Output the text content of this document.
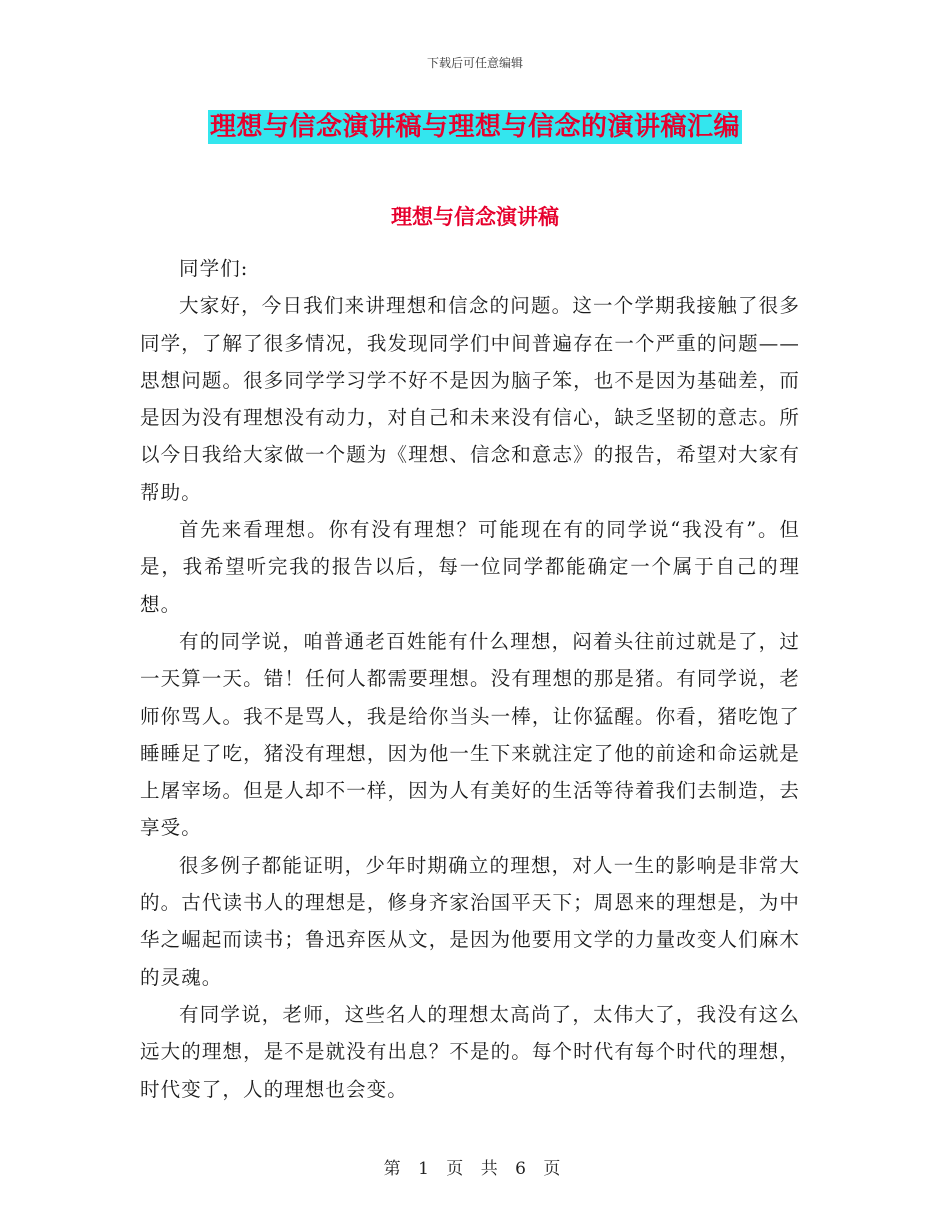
下载后可任意编辑
理想与信念演讲稿与理想与信念的演讲稿汇编
理想与信念演讲稿

同学们:

大家好，今日我们来讲理想和信念的问题。这一个学期我接触了很多同学，了解了很多情况，我发现同学们中间普遍存在一个严重的问题——思想问题。很多同学学习学不好不是因为脑子笨，也不是因为基础差，而是因为没有理想没有动力，对自己和未来没有信心，缺乏坚韧的意志。所以今日我给大家做一个题为《理想、信念和意志》的报告，希望对大家有帮助。

首先来看理想。你有没有理想？可能现在有的同学说“我没有”。但是，我希望听完我的报告以后，每一位同学都能确定一个属于自己的理想。

有的同学说，咱普通老百姓能有什么理想，闷着头往前过就是了，过一天算一天。错！任何人都需要理想。没有理想的那是猪。有同学说，老师你骂人。我不是骂人，我是给你当头一棒，让你猛醒。你看，猪吃饱了睡睡足了吃，猪没有理想，因为他一生下来就注定了他的前途和命运就是上屠宰场。但是人却不一样，因为人有美好的生活等待着我们去制造，去享受。

很多例子都能证明，少年时期确立的理想，对人一生的影响是非常大的。古代读书人的理想是，修身齐家治国平天下；周恩来的理想是，为中华之崛起而读书；鲁迅弃医从文，是因为他要用文学的力量改变人们麻木的灵魂。

有同学说，老师，这些名人的理想太高尚了，太伟大了，我没有这么远大的理想，是不是就没有出息？不是的。每个时代有每个时代的理想，时代变了，人的理想也会变。

第 1 页 共 6 页
